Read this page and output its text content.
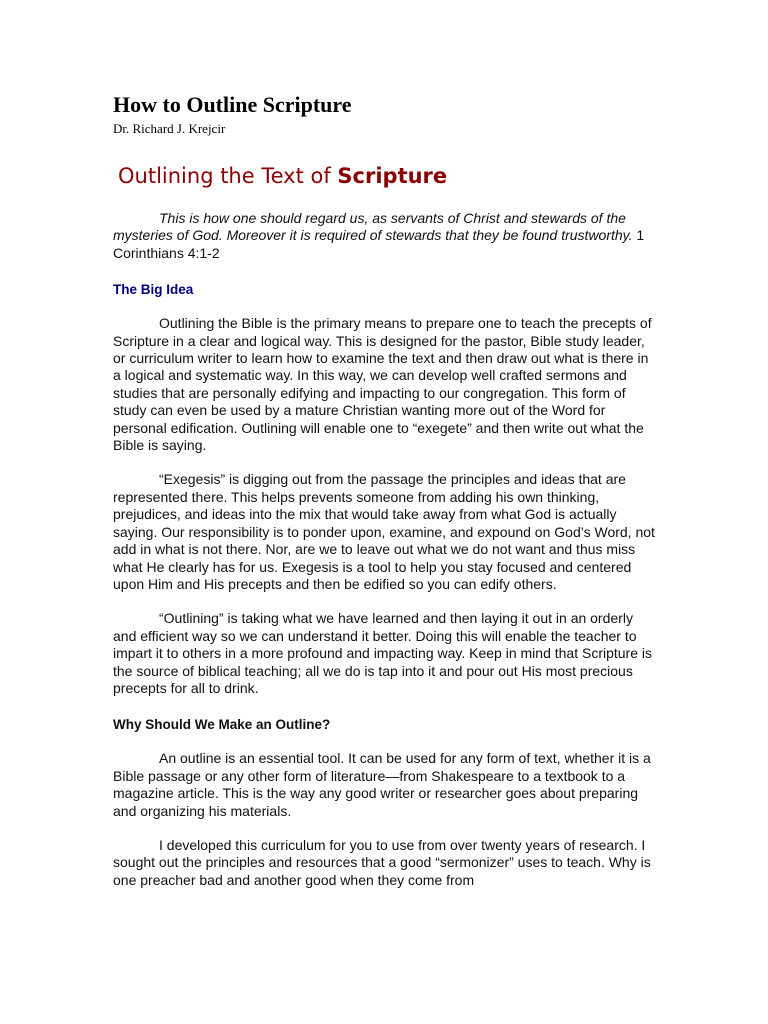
How to Outline Scripture
Dr. Richard J. Krejcir
Outlining the Text of Scripture

This is how one should regard us, as servants of Christ and stewards of the mysteries of God. Moreover it is required of stewards that they be found trustworthy. 1 Corinthians 4:1-2

The Big Idea

Outlining the Bible is the primary means to prepare one to teach the precepts of Scripture in a clear and logical way. This is designed for the pastor, Bible study leader, or curriculum writer to learn how to examine the text and then draw out what is there in a logical and systematic way. In this way, we can develop well crafted sermons and studies that are personally edifying and impacting to our congregation. This form of study can even be used by a mature Christian wanting more out of the Word for personal edification. Outlining will enable one to “exegete” and then write out what the Bible is saying.

“Exegesis” is digging out from the passage the principles and ideas that are represented there. This helps prevents someone from adding his own thinking, prejudices, and ideas into the mix that would take away from what God is actually saying. Our responsibility is to ponder upon, examine, and expound on God’s Word, not add in what is not there. Nor, are we to leave out what we do not want and thus miss what He clearly has for us. Exegesis is a tool to help you stay focused and centered upon Him and His precepts and then be edified so you can edify others.

“Outlining” is taking what we have learned and then laying it out in an orderly and efficient way so we can understand it better. Doing this will enable the teacher to impart it to others in a more profound and impacting way. Keep in mind that Scripture is the source of biblical teaching; all we do is tap into it and pour out His most precious precepts for all to drink.

Why Should We Make an Outline?

An outline is an essential tool. It can be used for any form of text, whether it is a Bible passage or any other form of literature—from Shakespeare to a textbook to a magazine article. This is the way any good writer or researcher goes about preparing and organizing his materials.

I developed this curriculum for you to use from over twenty years of research. I sought out the principles and resources that a good “sermonizer” uses to teach. Why is one preacher bad and another good when they come from
